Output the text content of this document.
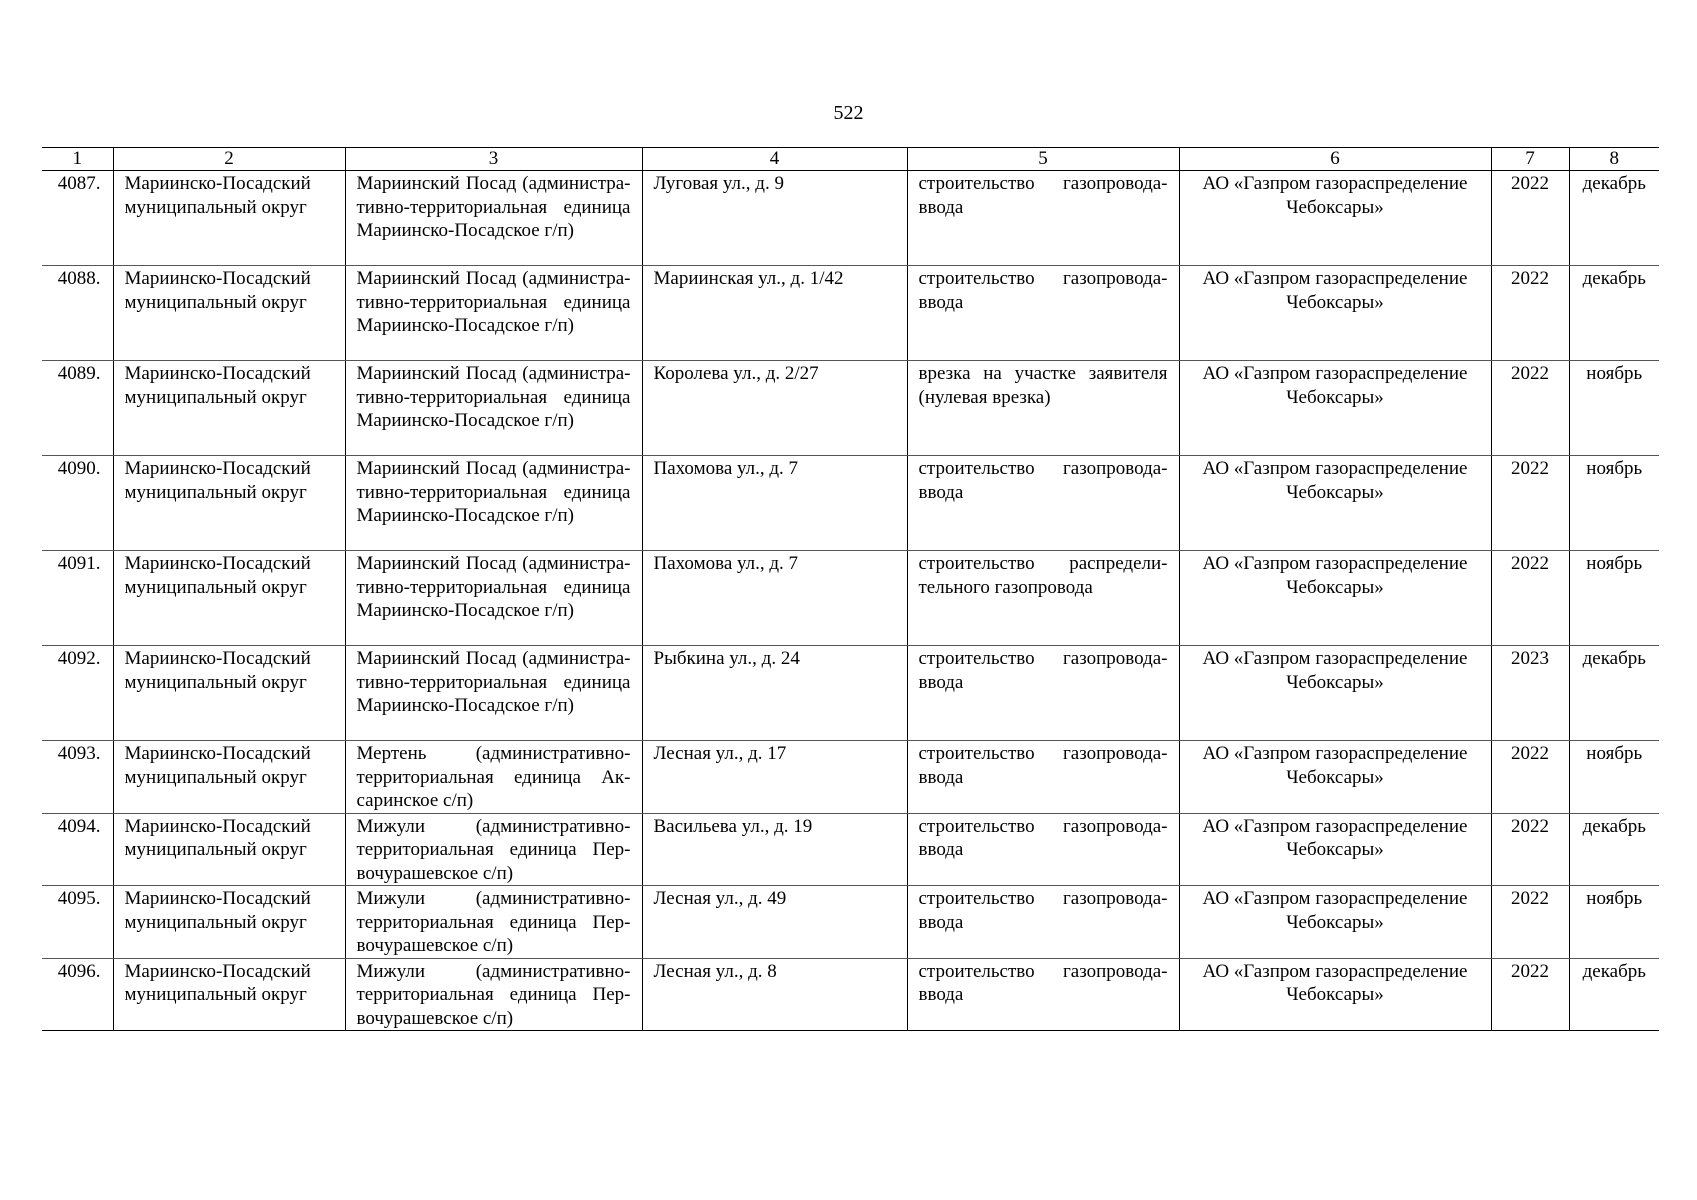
522
1	2	3	4	5	6	7	8
4087.	Мариинско-Посадский муниципальный округ	Мариинский Посад (административно-территориальная единица Мариинско-Посадское г/п)	Луговая ул., д. 9	строительство газопровода-ввода	АО «Газпром газораспределение Чебоксары»	2022	декабрь
4088.	Мариинско-Посадский муниципальный округ	Мариинский Посад (административно-территориальная единица Мариинско-Посадское г/п)	Мариинская ул., д. 1/42	строительство газопровода-ввода	АО «Газпром газораспределение Чебоксары»	2022	декабрь
4089.	Мариинско-Посадский муниципальный округ	Мариинский Посад (административно-территориальная единица Мариинско-Посадское г/п)	Королева ул., д. 2/27	врезка на участке заявителя (нулевая врезка)	АО «Газпром газораспределение Чебоксары»	2022	ноябрь
4090.	Мариинско-Посадский муниципальный округ	Мариинский Посад (административно-территориальная единица Мариинско-Посадское г/п)	Пахомова ул., д. 7	строительство газопровода-ввода	АО «Газпром газораспределение Чебоксары»	2022	ноябрь
4091.	Мариинско-Посадский муниципальный округ	Мариинский Посад (административно-территориальная единица Мариинско-Посадское г/п)	Пахомова ул., д. 7	строительство распределительного газопровода	АО «Газпром газораспределение Чебоксары»	2022	ноябрь
4092.	Мариинско-Посадский муниципальный округ	Мариинский Посад (административно-территориальная единица Мариинско-Посадское г/п)	Рыбкина ул., д. 24	строительство газопровода-ввода	АО «Газпром газораспределение Чебоксары»	2023	декабрь
4093.	Мариинско-Посадский муниципальный округ	Мертень (административно-территориальная единица Аксаринское с/п)	Лесная ул., д. 17	строительство газопровода-ввода	АО «Газпром газораспределение Чебоксары»	2022	ноябрь
4094.	Мариинско-Посадский муниципальный округ	Мижули (административно-территориальная единица Первочурашевское с/п)	Васильева ул., д. 19	строительство газопровода-ввода	АО «Газпром газораспределение Чебоксары»	2022	декабрь
4095.	Мариинско-Посадский муниципальный округ	Мижули (административно-территориальная единица Первочурашевское с/п)	Лесная ул., д. 49	строительство газопровода-ввода	АО «Газпром газораспределение Чебоксары»	2022	ноябрь
4096.	Мариинско-Посадский муниципальный округ	Мижули (административно-территориальная единица Первочурашевское с/п)	Лесная ул., д. 8	строительство газопровода-ввода	АО «Газпром газораспределение Чебоксары»	2022	декабрь
